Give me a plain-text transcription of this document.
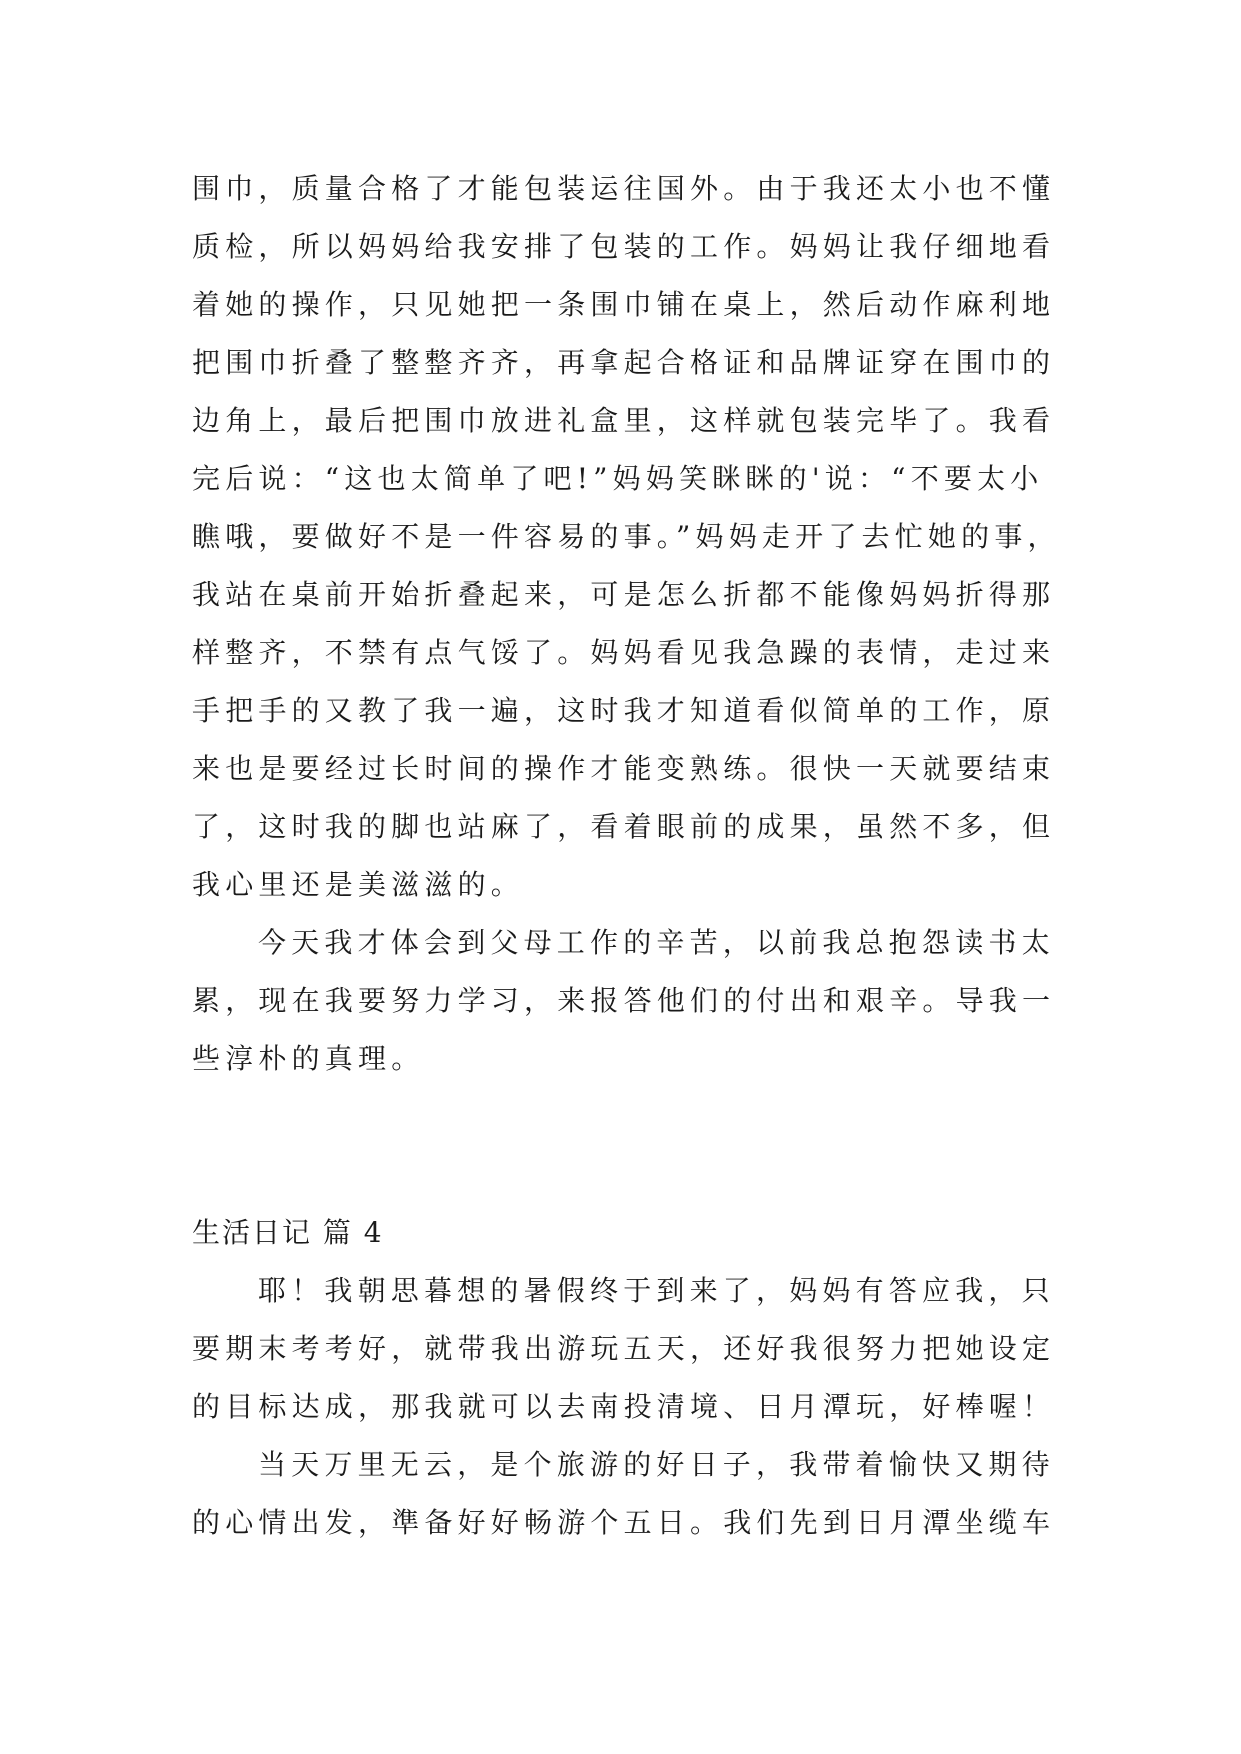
围巾，质量合格了才能包装运往国外。由于我还太小也不懂
质检，所以妈妈给我安排了包装的工作。妈妈让我仔细地看
着她的操作，只见她把一条围巾铺在桌上，然后动作麻利地
把围巾折叠了整整齐齐，再拿起合格证和品牌证穿在围巾的
边角上，最后把围巾放进礼盒里，这样就包装完毕了。我看
完后说：“这也太简单了吧!”妈妈笑眯眯的'说：“不要太小
瞧哦，要做好不是一件容易的事。”妈妈走开了去忙她的事，
我站在桌前开始折叠起来，可是怎么折都不能像妈妈折得那
样整齐，不禁有点气馁了。妈妈看见我急躁的表情，走过来
手把手的又教了我一遍，这时我才知道看似简单的工作，原
来也是要经过长时间的操作才能变熟练。很快一天就要结束
了，这时我的脚也站麻了，看着眼前的成果，虽然不多，但
我心里还是美滋滋的。
今天我才体会到父母工作的辛苦，以前我总抱怨读书太
累，现在我要努力学习，来报答他们的付出和艰辛。导我一
些淳朴的真理。
生活日记 篇 4
耶！我朝思暮想的暑假终于到来了，妈妈有答应我，只
要期末考考好，就带我出游玩五天，还好我很努力把她设定
的目标达成，那我就可以去南投清境、日月潭玩，好棒喔！
当天万里无云，是个旅游的好日子，我带着愉快又期待
的心情出发，準备好好畅游个五日。我们先到日月潭坐缆车
